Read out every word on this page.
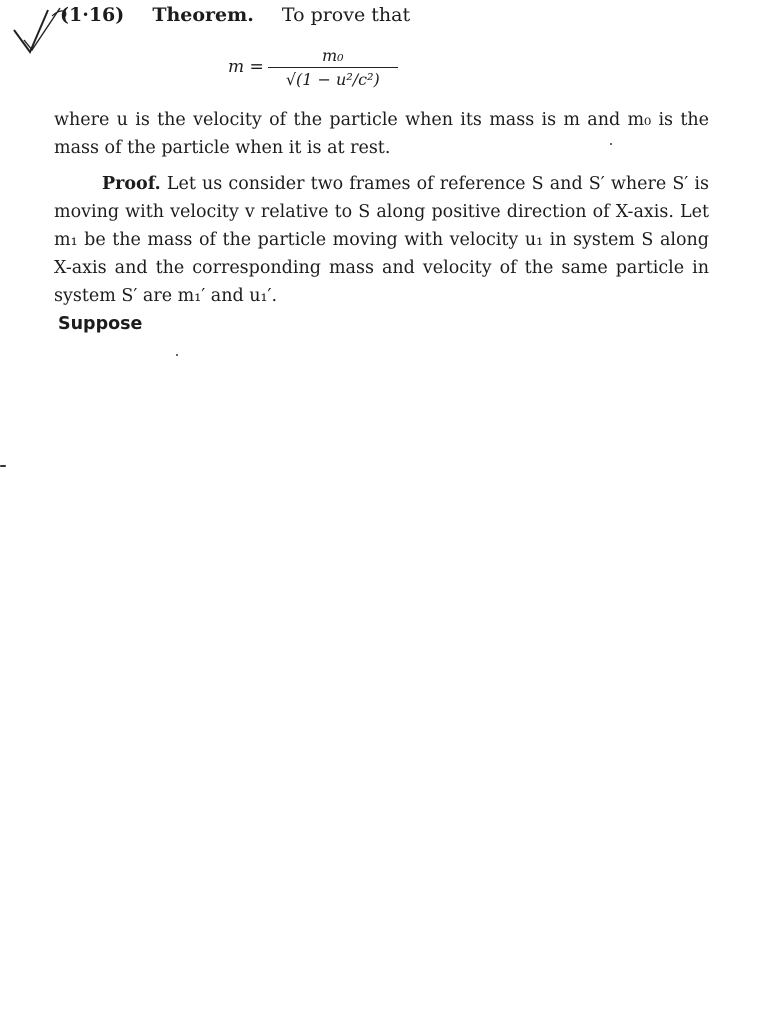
(1·16) Theorem. To prove that
$m = \frac{\text{m₀}}{\text{√(1 − u²/c²)}}$
where u is the velocity of the particle when its mass is m and m₀ is the mass of the particle when it is at rest.
Proof. Let us consider two frames of reference S and S′ where S′ is moving with velocity v relative to S along positive direction of X-axis. Let m₁ be the mass of the particle moving with velocity u₁ in system S along X-axis and the corresponding mass and velocity of the same particle in system S′ are m₁′ and u₁′.
Suppose
